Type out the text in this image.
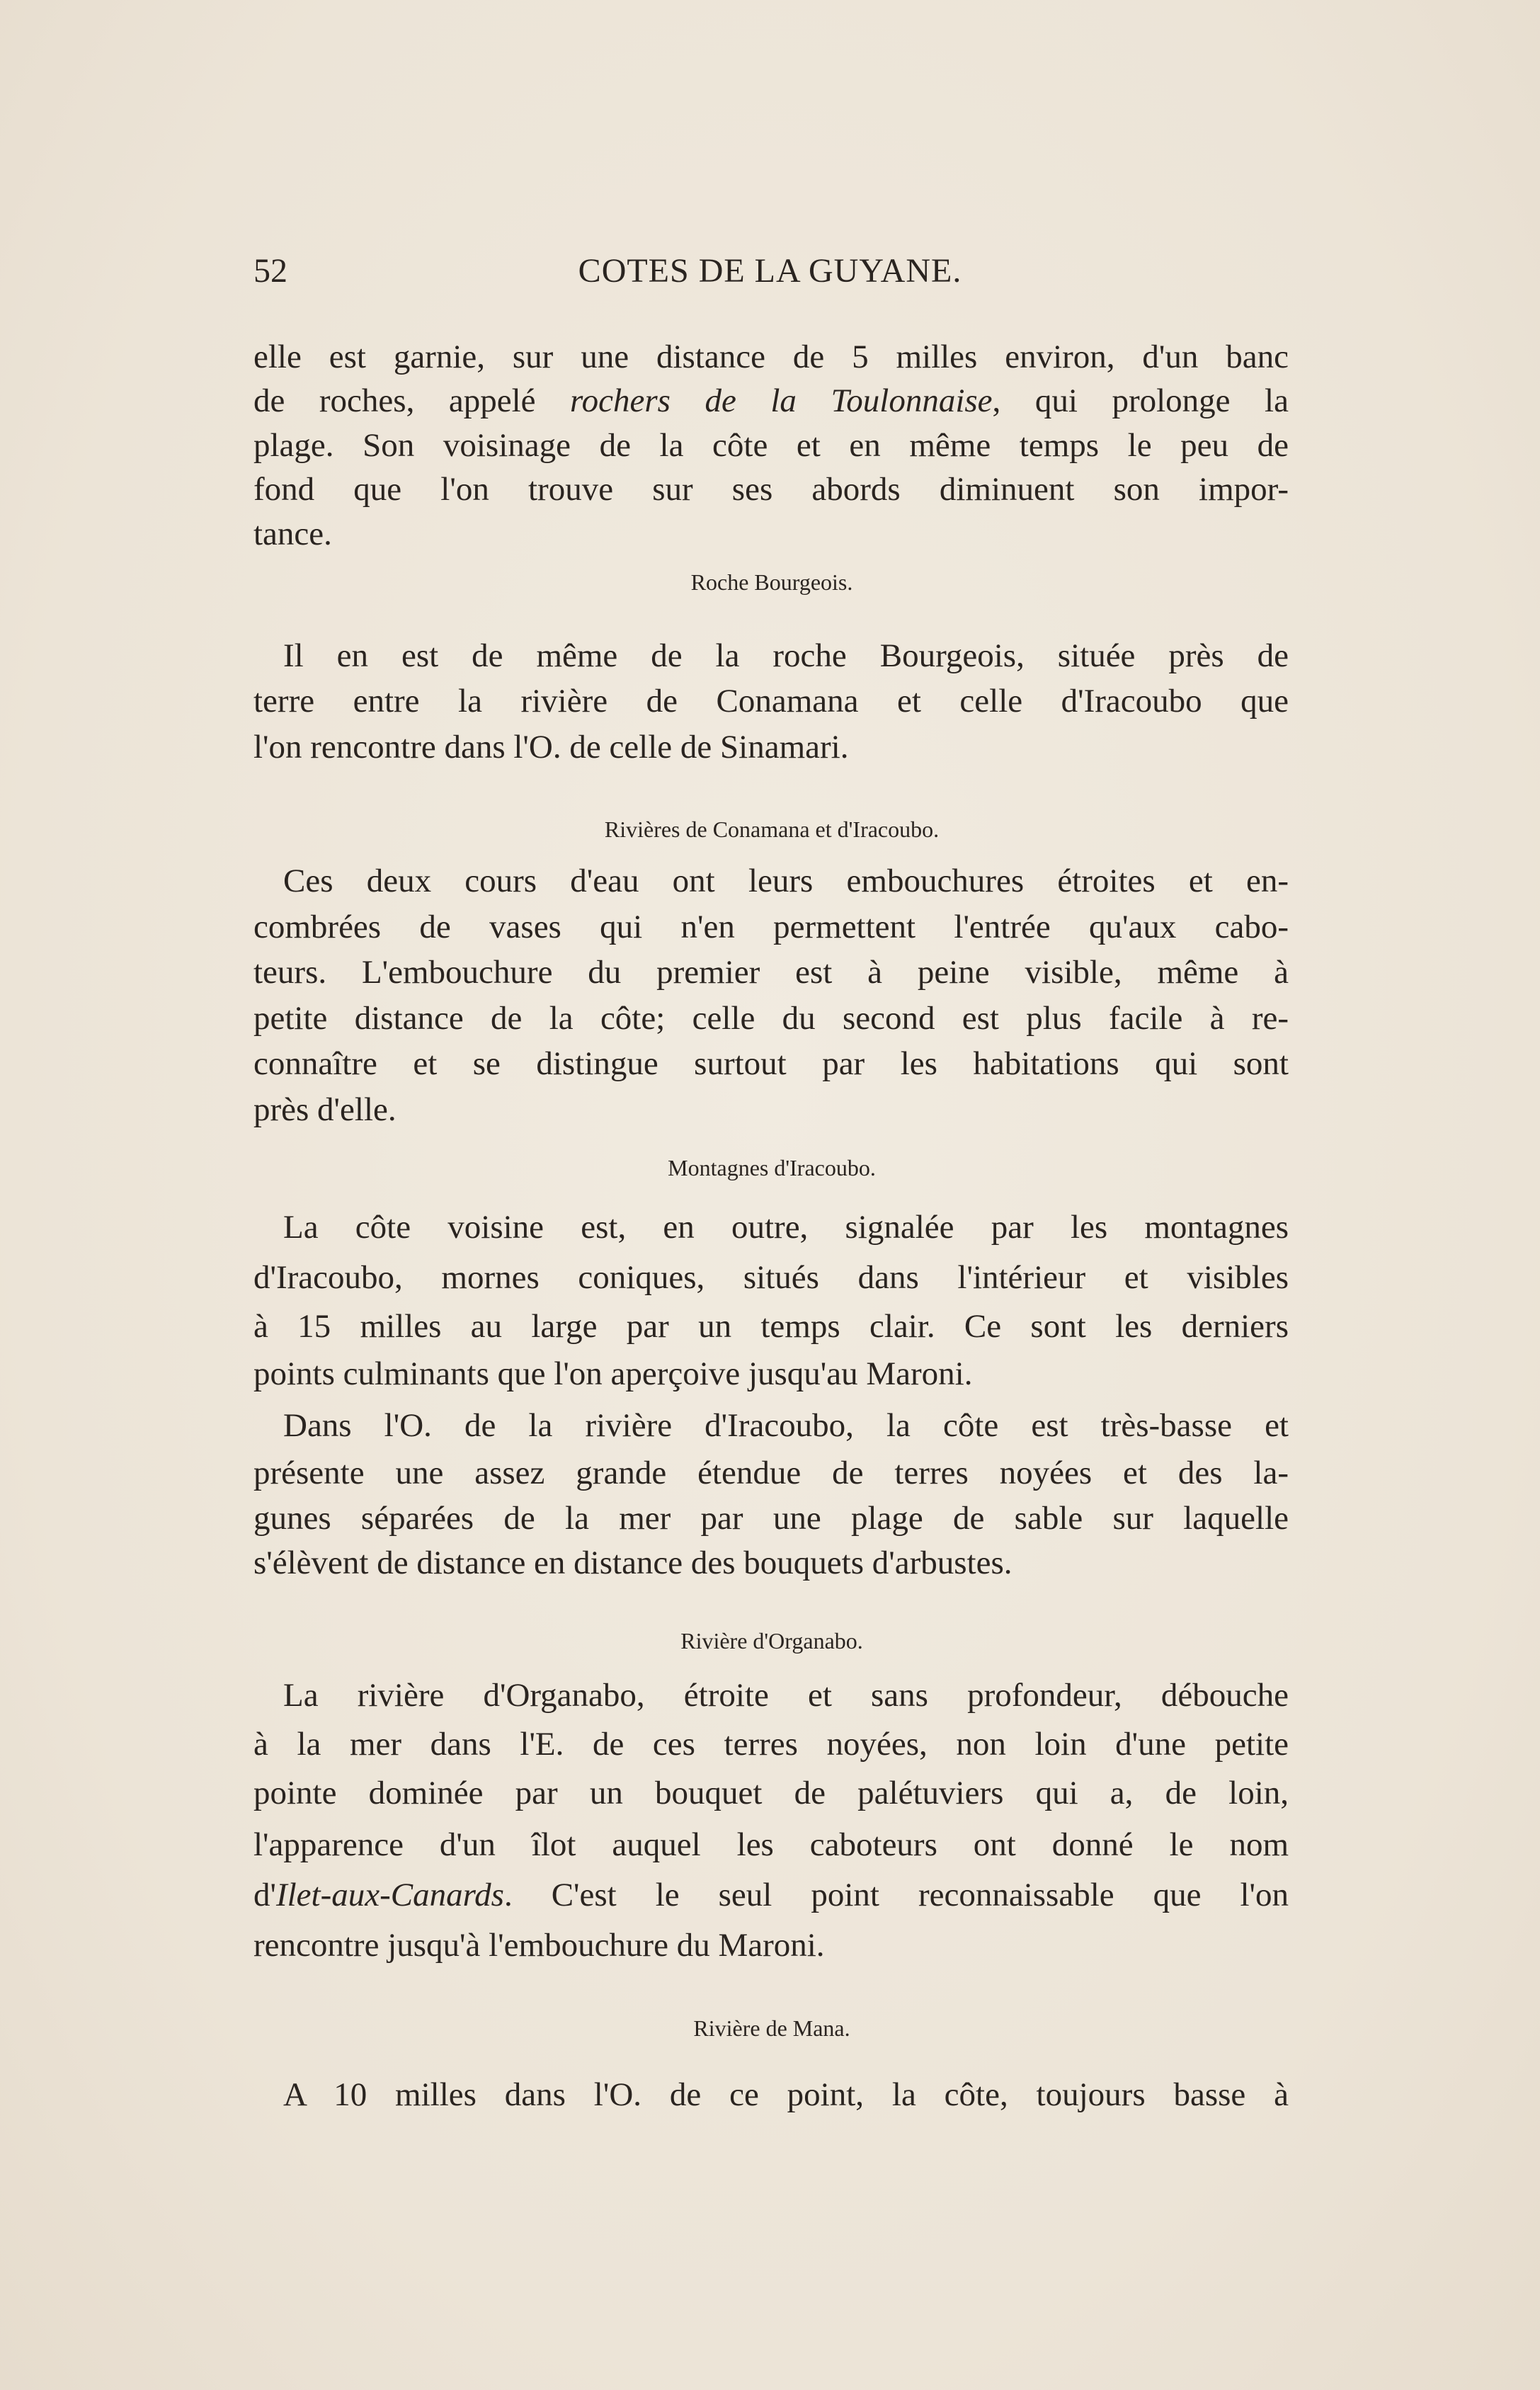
52	COTES DE LA GUYANE.
elle est garnie, sur une distance de 5 milles environ, d'un banc
de roches, appelé rochers de la Toulonnaise, qui prolonge la
plage. Son voisinage de la côte et en même temps le peu de
fond que l'on trouve sur ses abords diminuent son impor-
tance.
Roche Bourgeois.
Il en est de même de la roche Bourgeois, située près de
terre entre la rivière de Conamana et celle d'Iracoubo que
l'on rencontre dans l'O. de celle de Sinamari.
Rivières de Conamana et d'Iracoubo.
Ces deux cours d'eau ont leurs embouchures étroites et en-
combrées de vases qui n'en permettent l'entrée qu'aux cabo-
teurs. L'embouchure du premier est à peine visible, même à
petite distance de la côte; celle du second est plus facile à re-
connaître et se distingue surtout par les habitations qui sont
près d'elle.
Montagnes d'Iracoubo.
La côte voisine est, en outre, signalée par les montagnes
d'Iracoubo, mornes coniques, situés dans l'intérieur et visibles
à 15 milles au large par un temps clair. Ce sont les derniers
points culminants que l'on aperçoive jusqu'au Maroni.
Dans l'O. de la rivière d'Iracoubo, la côte est très-basse et
présente une assez grande étendue de terres noyées et des la-
gunes séparées de la mer par une plage de sable sur laquelle
s'élèvent de distance en distance des bouquets d'arbustes.
Rivière d'Organabo.
La rivière d'Organabo, étroite et sans profondeur, débouche
à la mer dans l'E. de ces terres noyées, non loin d'une petite
pointe dominée par un bouquet de palétuviers qui a, de loin,
l'apparence d'un îlot auquel les caboteurs ont donné le nom
d'Ilet-aux-Canards. C'est le seul point reconnaissable que l'on
rencontre jusqu'à l'embouchure du Maroni.
Rivière de Mana.
A 10 milles dans l'O. de ce point, la côte, toujours basse à
